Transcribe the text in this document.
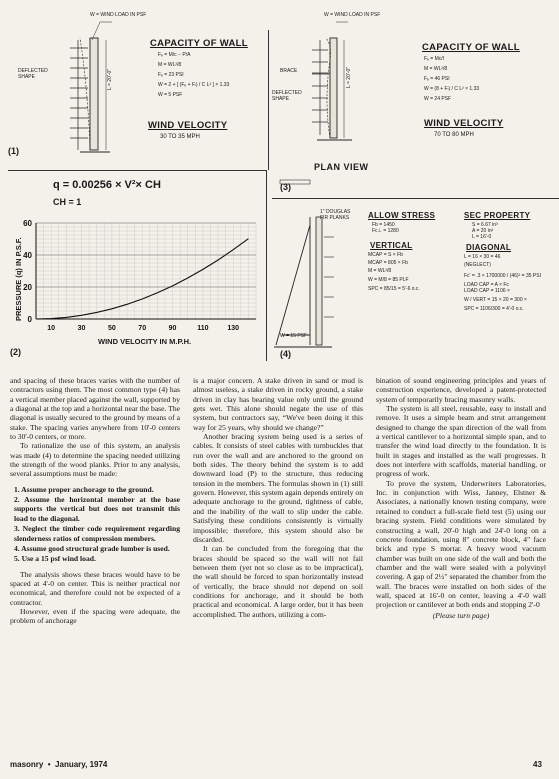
W = WIND LOAD IN PSF
DEFLECTED SHAPE	L = 20'-0"
CAPACITY OF WALL
Fₑ = M/c − P/A
M = WL²/8
Fₑ = 23 PSI
W = 2 + [ (Fₑ + Fₗ) / C L² ] × 1.33
W = 5 PSF
WIND VELOCITY
30 TO 35 MPH
(1)
W = WIND LOAD IN PSF
BRACE
DEFLECTED SHAPE
L = 20'-0"
CAPACITY OF WALL
Fₑ = Mc/I
M = WL²/8
Fₑ = 46 PSI
W = (8 + Fₗ) / C L² × 1.33
W = 24 PSF
WIND VELOCITY
70 TO 80 MPH
PLAN VIEW
(3)
q = 0.00256 × V²× CH
CH = 1
PRESSURE (q) IN P.S.F. 0
20
40
60
10	30	50	70	90	110	130
WIND VELOCITY IN M.P.H.
(2)
1" DOUGLAS FIR PLANKS
W = 15 PSF
ALLOW STRESS
Fb = 1450
Fc⊥ = 1280
VERTICAL
MCAP = S × Fb
MCAP = 805 × Fb
M = WL²/8
W = M/8 = 85 PLF
SPC = 85/15 = 5'-6 o.c.
SEC PROPERTY
S = 6.67 in³
A = 20 in²
L = 16'-0
DIAGONAL
L = 16 × 30 = 46
(NEGLECT)
Fc' = .3 × 1700000 / (46)² = 35 PSI
LOAD CAP = A × Fc
LOAD CAP = 1106 ×
W / VERT = 15 × 20 = 300 ×
SPC = 1106/300 = 4'-0 o.c.
(4)

and spacing of these braces varies with the number of contractors using them. The most common type (4) has a vertical member placed against the wall, supported by a diagonal at the top and a horizontal near the base. The diagonal is usually secured to the ground by means of a stake. The spacing varies anywhere from 10'-0 centers to 30'-0 centers, or more.

To rationalize the use of this system, an analysis was made (4) to determine the spacing needed utilizing the strength of the wood planks. Prior to any analysis, several assumptions must be made:

1. Assume proper anchorage to the ground.
2. Assume the horizontal member at the base supports the vertical but does not transmit this load to the diagonal.
3. Neglect the timber code requirement regarding slenderness ratios of compression members.
4. Assume good structural grade lumber is used.
5. Use a 15 psf wind load.

The analysis shows these braces would have to be spaced at 4'-0 on center. This is neither practical nor economical, and therefore could not be expected of a contractor.

However, even if the spacing were adequate, the problem of anchorage

is a major concern. A stake driven in sand or mud is almost useless, a stake driven in rocky ground, a stake driven in clay has bearing value only until the ground gets wet. This alone should negate the use of this system, but contractors say, “We've been doing it this way for 25 years, why should we change?”

Another bracing system being used is a series of cables. It consists of steel cables with turnbuckles that run over the wall and are anchored to the ground on both sides. The theory behind the system is to add downward load (P) to the structure, thus reducing tension in the members. The formulas shown in (1) still govern. However, this system again depends entirely on adequate anchorage to the ground, tightness of cable, and the inability of the wall to slip under the cable. Satisfying these conditions consistently is virtually impossible; therefore, this system should also be discarded.

It can be concluded from the foregoing that the braces should be spaced so the wall will not fail between them (yet not so close as to be impractical), the wall should be forced to span horizontally instead of vertically, the brace should not depend on soil conditions for anchorage, and it should be both practical and economical. A large order, but it has been accomplished. The authors, utilizing a com-

bination of sound engineering principles and years of construction experience, developed a patent-protected system of temporarily bracing masonry walls.

The system is all steel, reusable, easy to install and remove. It uses a simple beam and strut arrangement designed to change the span direction of the wall from a vertical cantilever to a horizontal simple span, and to transfer the wind load directly to the foundation. It is built in stages and installed as the wall progresses. It does not interfere with scaffolds, material handling, or progress of work.

To prove the system, Underwriters Laboratories, Inc. in conjunction with Wiss, Janney, Elstner & Associates, a nationally known testing company, were retained to conduct a full-scale field test (5) using our bracing system. Field conditions were simulated by constructing a wall, 20'-0 high and 24'-0 long on a concrete foundation, using 8" concrete block, 4" face brick and type S mortar. A heavy wood vacuum chamber was built on one side of the wall and both the chamber and the wall were sealed with a polyvinyl covering. A gap of 2½" separated the chamber from the wall. The braces were installed on both sides of the wall, spaced at 16'-0 on center, leaving a 4'-0 wall projection or cantilever at both ends and stopping 2'-0

(Please turn page)
masonry  •  January, 1974	43
